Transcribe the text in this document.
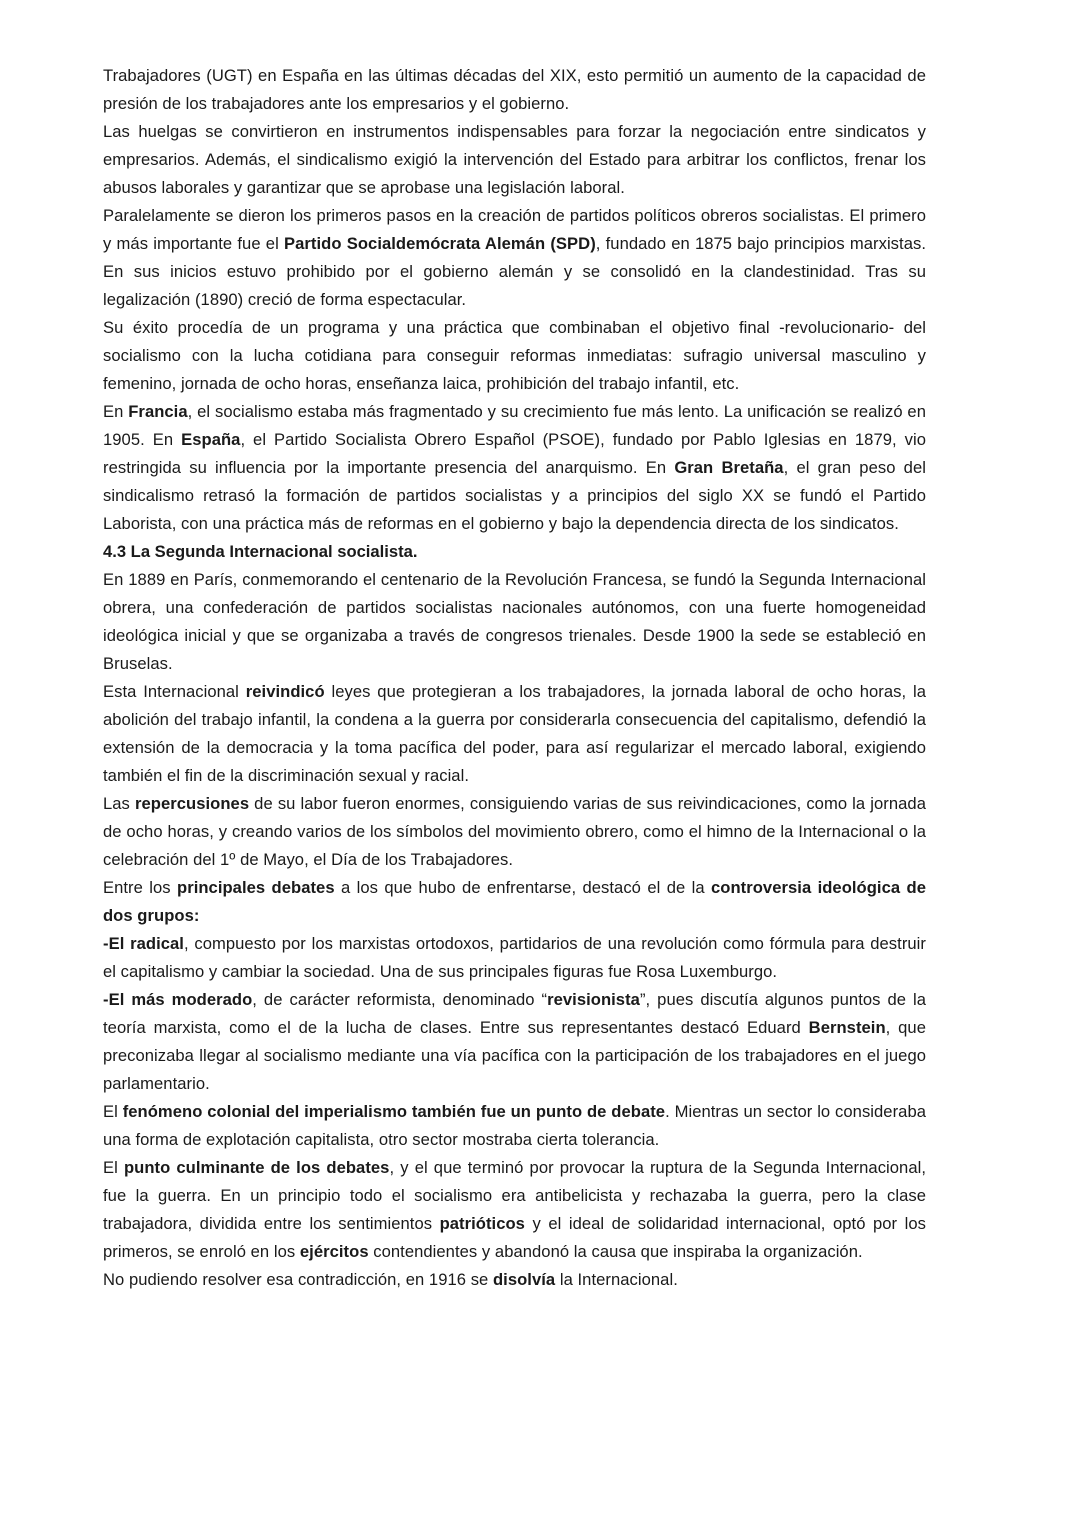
Trabajadores (UGT) en España en las últimas décadas del XIX, esto permitió un aumento de la capacidad de presión de los trabajadores ante los empresarios y el gobierno.

Las huelgas se convirtieron en instrumentos indispensables para forzar la negociación entre sindicatos y empresarios. Además, el sindicalismo exigió la intervención del Estado para arbitrar los conflictos, frenar los abusos laborales y garantizar que se aprobase una legislación laboral.

Paralelamente se dieron los primeros pasos en la creación de partidos políticos obreros socialistas. El primero y más importante fue el Partido Socialdemócrata Alemán (SPD), fundado en 1875 bajo principios marxistas. En sus inicios estuvo prohibido por el gobierno alemán y se consolidó en la clandestinidad. Tras su legalización (1890) creció de forma espectacular.

Su éxito procedía de un programa y una práctica que combinaban el objetivo final -revolucionario- del socialismo con la lucha cotidiana para conseguir reformas inmediatas: sufragio universal masculino y femenino, jornada de ocho horas, enseñanza laica, prohibición del trabajo infantil, etc.

En Francia, el socialismo estaba más fragmentado y su crecimiento fue más lento. La unificación se realizó en 1905. En España, el Partido Socialista Obrero Español (PSOE), fundado por Pablo Iglesias en 1879, vio restringida su influencia por la importante presencia del anarquismo. En Gran Bretaña, el gran peso del sindicalismo retrasó la formación de partidos socialistas y a principios del siglo XX se fundó el Partido Laborista, con una práctica más de reformas en el gobierno y bajo la dependencia directa de los sindicatos.

4.3 La Segunda Internacional socialista.

En 1889 en París, conmemorando el centenario de la Revolución Francesa, se fundó la Segunda Internacional obrera, una confederación de partidos socialistas nacionales autónomos, con una fuerte homogeneidad ideológica inicial y que se organizaba a través de congresos trienales. Desde 1900 la sede se estableció en Bruselas.

Esta Internacional reivindicó leyes que protegieran a los trabajadores, la jornada laboral de ocho horas, la abolición del trabajo infantil, la condena a la guerra por considerarla consecuencia del capitalismo, defendió la extensión de la democracia y la toma pacífica del poder, para así regularizar el mercado laboral, exigiendo también el fin de la discriminación sexual y racial.

Las repercusiones de su labor fueron enormes, consiguiendo varias de sus reivindicaciones, como la jornada de ocho horas, y creando varios de los símbolos del movimiento obrero, como el himno de la Internacional o la celebración del 1º de Mayo, el Día de los Trabajadores.

Entre los principales debates a los que hubo de enfrentarse, destacó el de la controversia ideológica de dos grupos:

-El radical, compuesto por los marxistas ortodoxos, partidarios de una revolución como fórmula para destruir el capitalismo y cambiar la sociedad. Una de sus principales figuras fue Rosa Luxemburgo.

-El más moderado, de carácter reformista, denominado “revisionista”, pues discutía algunos puntos de la teoría marxista, como el de la lucha de clases. Entre sus representantes destacó Eduard Bernstein, que preconizaba llegar al socialismo mediante una vía pacífica con la participación de los trabajadores en el juego parlamentario.

El fenómeno colonial del imperialismo también fue un punto de debate. Mientras un sector lo consideraba una forma de explotación capitalista, otro sector mostraba cierta tolerancia.

El punto culminante de los debates, y el que terminó por provocar la ruptura de la Segunda Internacional, fue la guerra. En un principio todo el socialismo era antibelicista y rechazaba la guerra, pero la clase trabajadora, dividida entre los sentimientos patrióticos y el ideal de solidaridad internacional, optó por los primeros, se enroló en los ejércitos contendientes y abandonó la causa que inspiraba la organización.

No pudiendo resolver esa contradicción, en 1916 se disolvía la Internacional.
